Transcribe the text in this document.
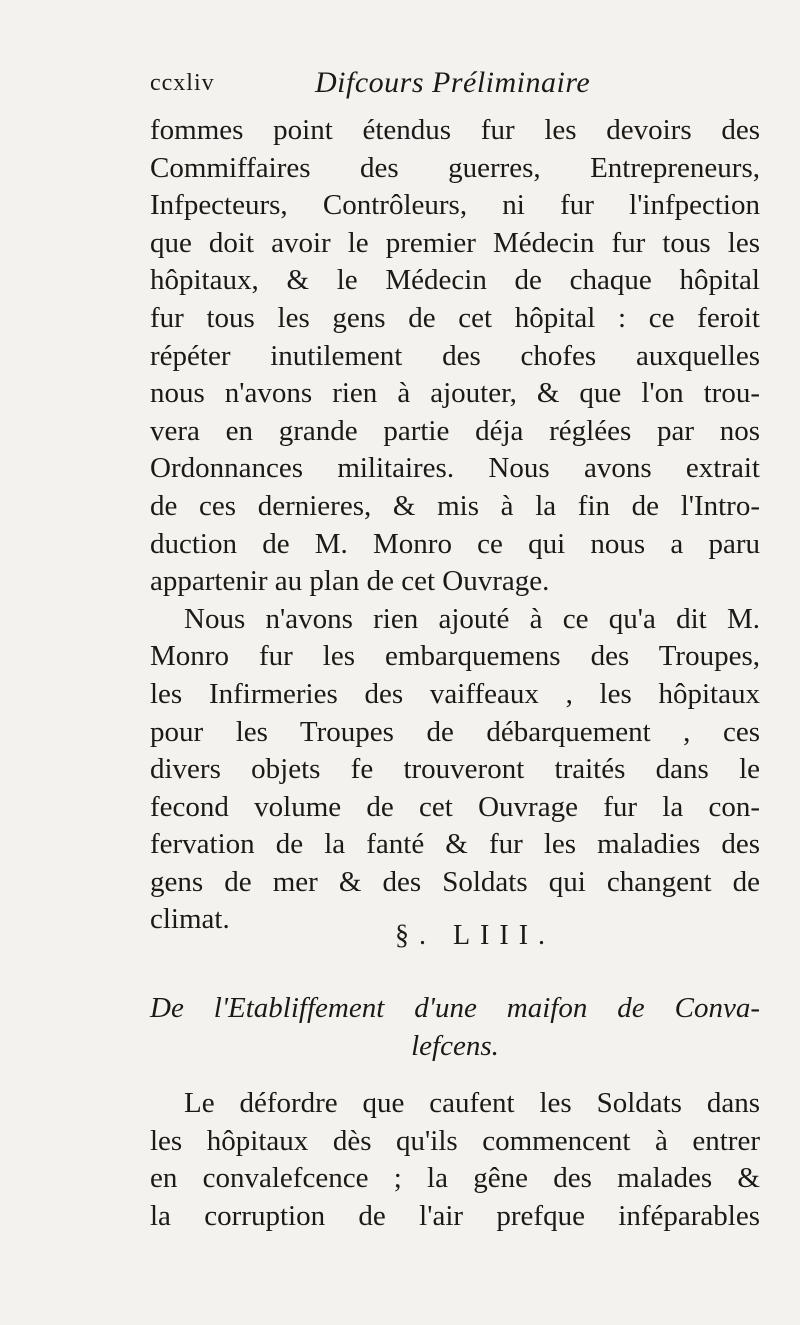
ccxliv	Difcours Préliminaire
fommes point étendus fur les devoirs des
Commiffaires des guerres, Entrepreneurs,
Infpecteurs, Contrôleurs, ni fur l'infpection
que doit avoir le premier Médecin fur tous les
hôpitaux, & le Médecin de chaque hôpital
fur tous les gens de cet hôpital : ce feroit
répéter inutilement des chofes auxquelles
nous n'avons rien à ajouter, & que l'on trou-
vera en grande partie déja réglées par nos
Ordonnances militaires. Nous avons extrait
de ces dernieres, & mis à la fin de l'Intro-
duction de M. Monro ce qui nous a paru
appartenir au plan de cet Ouvrage.
Nous n'avons rien ajouté à ce qu'a dit M.
Monro fur les embarquemens des Troupes,
les Infirmeries des vaiffeaux , les hôpitaux
pour les Troupes de débarquement , ces
divers objets fe trouveront traités dans le
fecond volume de cet Ouvrage fur la con-
fervation de la fanté & fur les maladies des
gens de mer & des Soldats qui changent de
climat.
§. LIII.
De l'Etabliffement d'une maifon de Conva-
lefcens.
Le défordre que caufent les Soldats dans
les hôpitaux dès qu'ils commencent à entrer
en convalefcence ; la gêne des malades &
la corruption de l'air prefque inféparables
